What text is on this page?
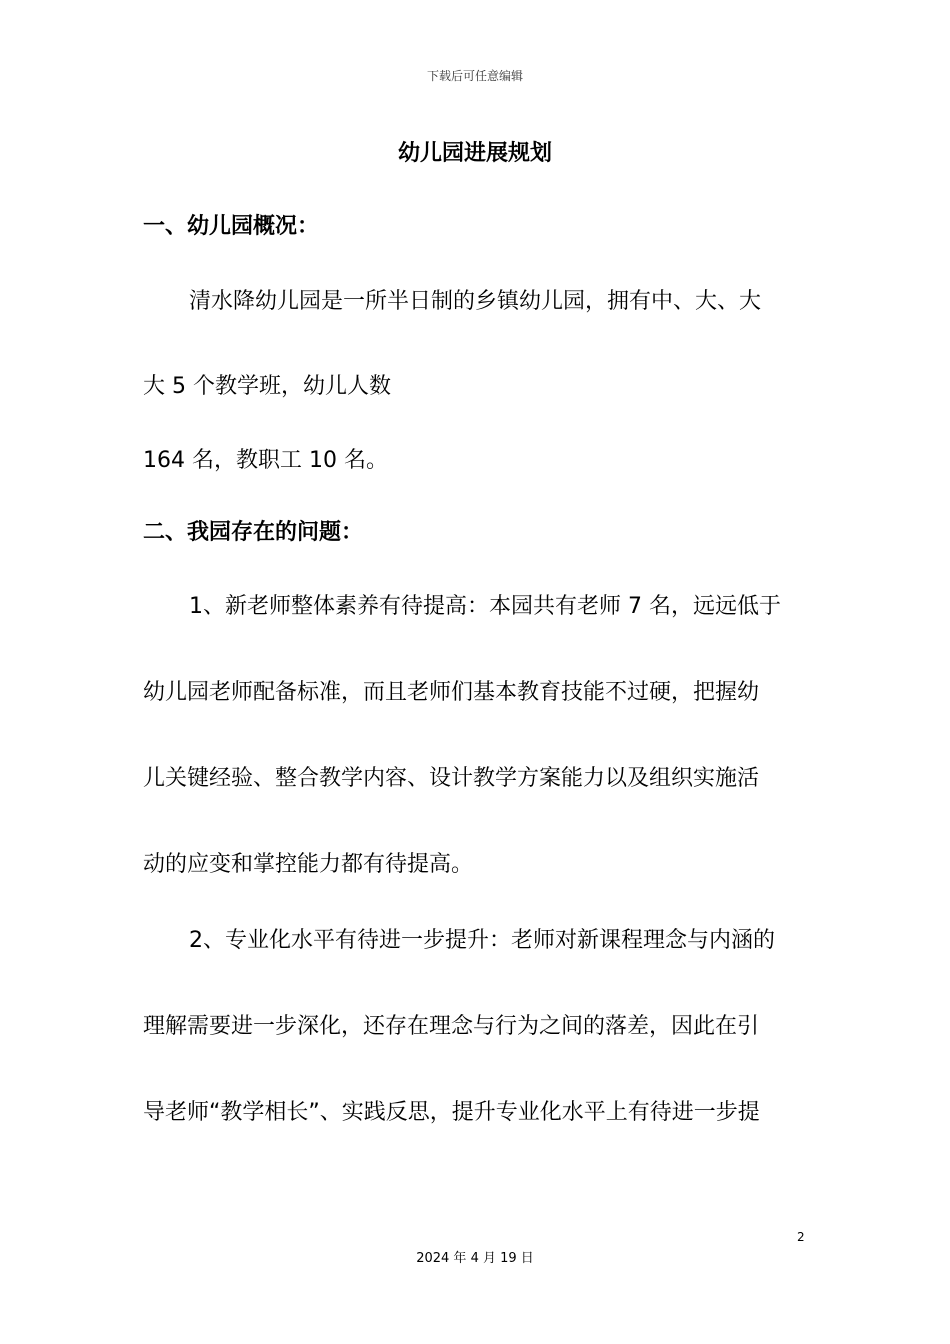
下载后可任意编辑
幼儿园进展规划
一、幼儿园概况：
清水降幼儿园是一所半日制的乡镇幼儿园，拥有中、大、大
大 5 个教学班，幼儿人数
164 名，教职工 10 名。
二、我园存在的问题：
1、新老师整体素养有待提高：本园共有老师 7 名，远远低于
幼儿园老师配备标准，而且老师们基本教育技能不过硬，把握幼
儿关键经验、整合教学内容、设计教学方案能力以及组织实施活
动的应变和掌控能力都有待提高。
2、专业化水平有待进一步提升：老师对新课程理念与内涵的
理解需要进一步深化，还存在理念与行为之间的落差，因此在引
导老师“教学相长”、实践反思，提升专业化水平上有待进一步提
2
2024 年 4 月 19 日
